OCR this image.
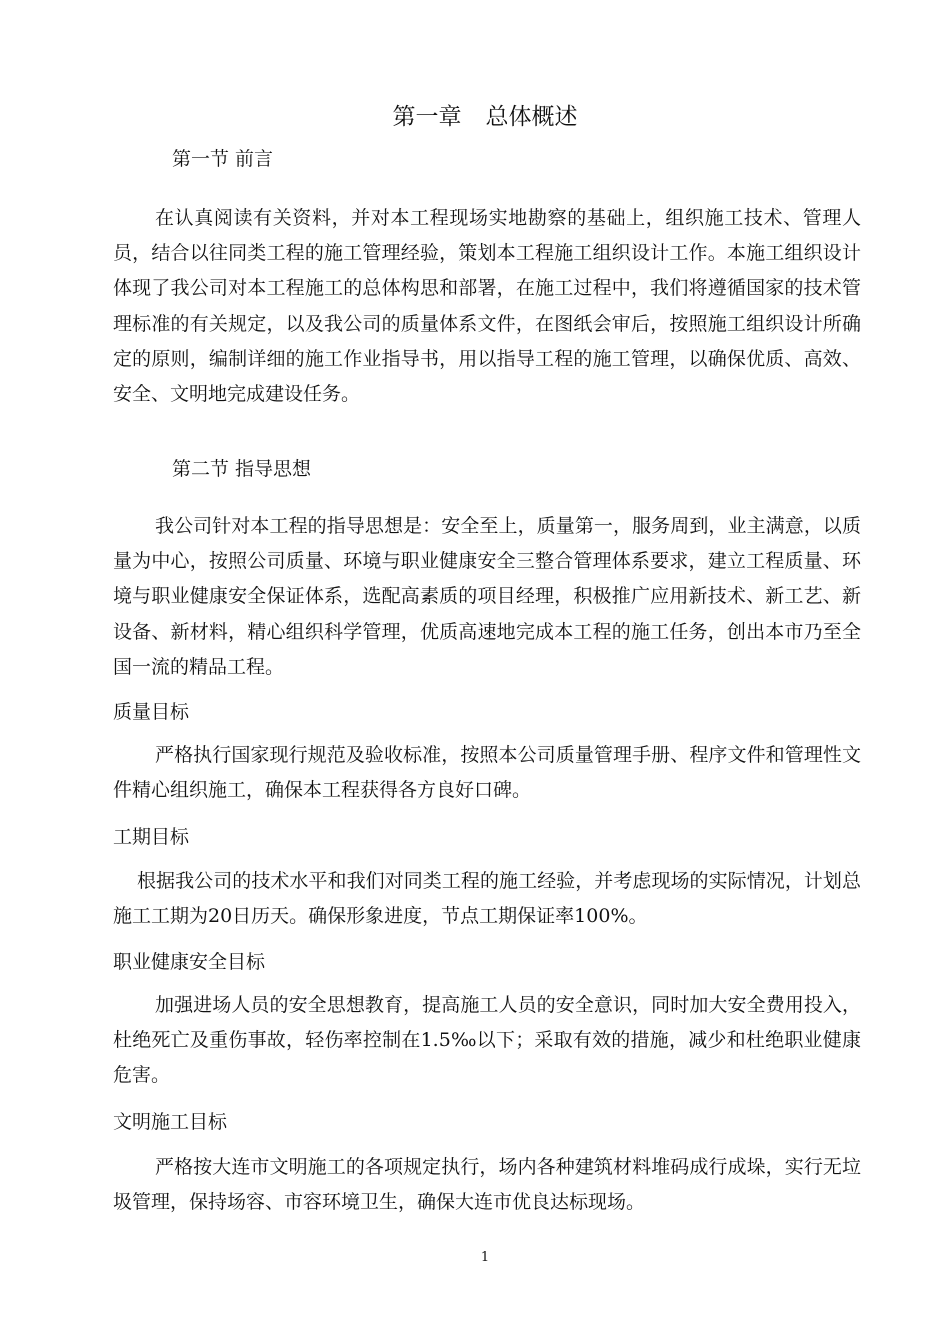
第一章 总体概述
第一节 前言

在认真阅读有关资料，并对本工程现场实地勘察的基础上，组织施工技术、管理人员，结合以往同类工程的施工管理经验，策划本工程施工组织设计工作。本施工组织设计体现了我公司对本工程施工的总体构思和部署，在施工过程中，我们将遵循国家的技术管理标准的有关规定，以及我公司的质量体系文件，在图纸会审后，按照施工组织设计所确定的原则，编制详细的施工作业指导书，用以指导工程的施工管理，以确保优质、高效、安全、文明地完成建设任务。

第二节 指导思想

我公司针对本工程的指导思想是：安全至上，质量第一，服务周到，业主满意，以质量为中心，按照公司质量、环境与职业健康安全三整合管理体系要求，建立工程质量、环境与职业健康安全保证体系，选配高素质的项目经理，积极推广应用新技术、新工艺、新设备、新材料，精心组织科学管理，优质高速地完成本工程的施工任务，创出本市乃至全国一流的精品工程。

质量目标

严格执行国家现行规范及验收标准，按照本公司质量管理手册、程序文件和管理性文件精心组织施工，确保本工程获得各方良好口碑。

工期目标

根据我公司的技术水平和我们对同类工程的施工经验，并考虑现场的实际情况，计划总施工工期为20日历天。确保形象进度，节点工期保证率100%。

职业健康安全目标

加强进场人员的安全思想教育，提高施工人员的安全意识，同时加大安全费用投入，杜绝死亡及重伤事故，轻伤率控制在1.5‰以下；采取有效的措施，减少和杜绝职业健康危害。

文明施工目标

严格按大连市文明施工的各项规定执行，场内各种建筑材料堆码成行成垛，实行无垃圾管理，保持场容、市容环境卫生，确保大连市优良达标现场。

1
